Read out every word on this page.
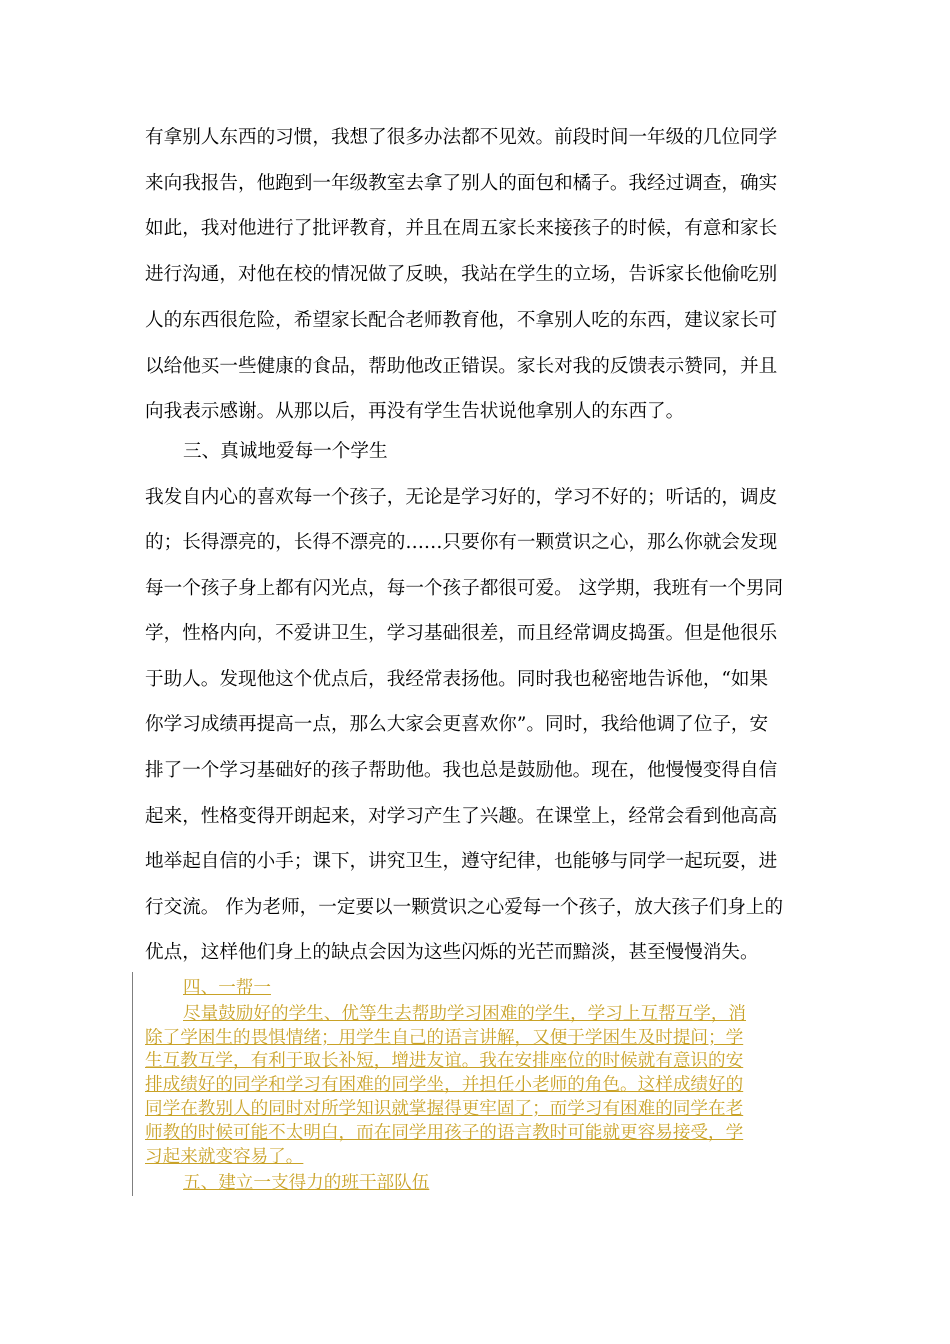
有拿别人东西的习惯，我想了很多办法都不见效。前段时间一年级的几位同学
来向我报告，他跑到一年级教室去拿了别人的面包和橘子。我经过调查，确实
如此，我对他进行了批评教育，并且在周五家长来接孩子的时候，有意和家长
进行沟通，对他在校的情况做了反映，我站在学生的立场，告诉家长他偷吃别
人的东西很危险，希望家长配合老师教育他，不拿别人吃的东西，建议家长可
以给他买一些健康的食品，帮助他改正错误。家长对我的反馈表示赞同，并且
向我表示感谢。从那以后，再没有学生告状说他拿别人的东西了。
三、真诚地爱每一个学生
我发自内心的喜欢每一个孩子，无论是学习好的，学习不好的；听话的，调皮
的；长得漂亮的，长得不漂亮的……只要你有一颗赏识之心，那么你就会发现
每一个孩子身上都有闪光点，每一个孩子都很可爱。 这学期，我班有一个男同
学，性格内向，不爱讲卫生，学习基础很差，而且经常调皮捣蛋。但是他很乐
于助人。发现他这个优点后，我经常表扬他。同时我也秘密地告诉他，“如果
你学习成绩再提高一点，那么大家会更喜欢你”。同时，我给他调了位子，安
排了一个学习基础好的孩子帮助他。我也总是鼓励他。现在，他慢慢变得自信
起来，性格变得开朗起来，对学习产生了兴趣。在课堂上，经常会看到他高高
地举起自信的小手；课下，讲究卫生，遵守纪律，也能够与同学一起玩耍，进
行交流。 作为老师，一定要以一颗赏识之心爱每一个孩子，放大孩子们身上的
优点，这样他们身上的缺点会因为这些闪烁的光芒而黯淡，甚至慢慢消失。
四、一帮一
尽量鼓励好的学生、优等生去帮助学习困难的学生，学习上互帮互学，消
除了学困生的畏惧情绪；用学生自己的语言讲解，又便于学困生及时提问；学
生互教互学，有利于取长补短，增进友谊。我在安排座位的时候就有意识的安
排成绩好的同学和学习有困难的同学坐，并担任小老师的角色。这样成绩好的
同学在教别人的同时对所学知识就掌握得更牢固了；而学习有困难的同学在老
师教的时候可能不太明白，而在同学用孩子的语言教时可能就更容易接受，学
习起来就变容易了。
五、建立一支得力的班干部队伍
